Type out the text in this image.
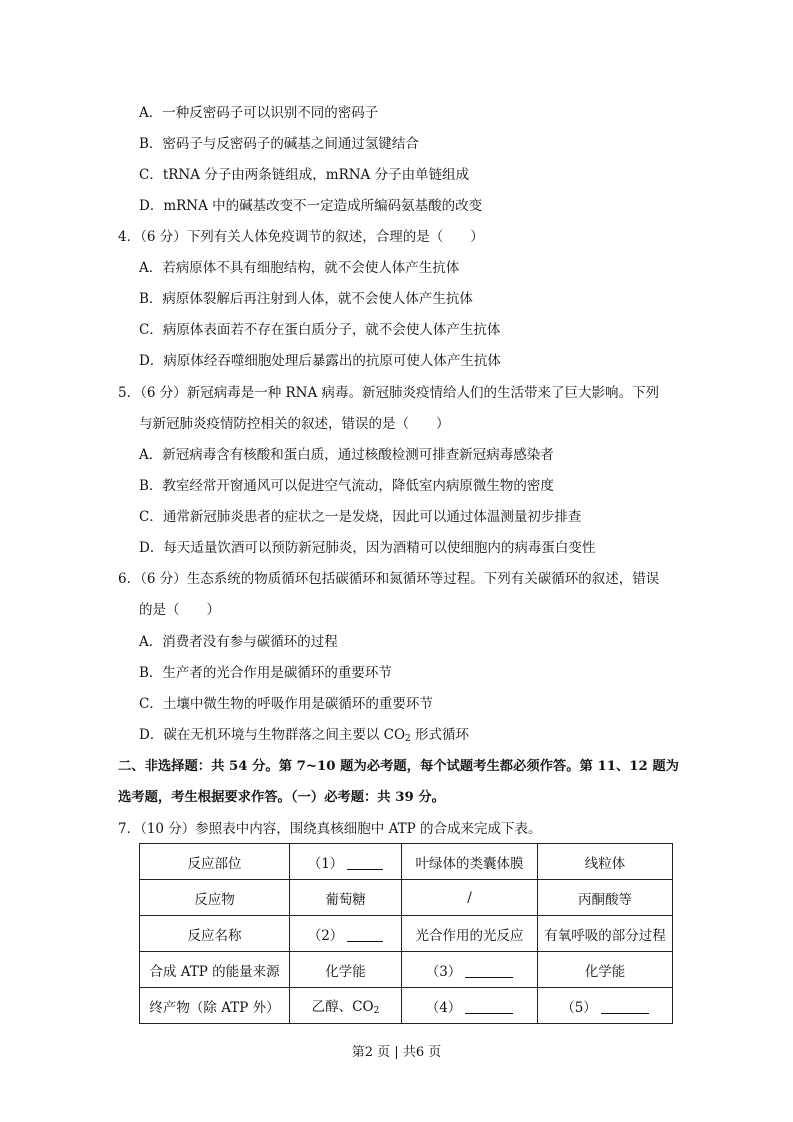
A．一种反密码子可以识别不同的密码子
B．密码子与反密码子的碱基之间通过氢键结合
C．tRNA 分子由两条链组成，mRNA 分子由单链组成
D．mRNA 中的碱基改变不一定造成所编码氨基酸的改变
4．（6 分）下列有关人体免疫调节的叙述，合理的是（　　）
A．若病原体不具有细胞结构，就不会使人体产生抗体
B．病原体裂解后再注射到人体，就不会使人体产生抗体
C．病原体表面若不存在蛋白质分子，就不会使人体产生抗体
D．病原体经吞噬细胞处理后暴露出的抗原可使人体产生抗体
5．（6 分）新冠病毒是一种 RNA 病毒。新冠肺炎疫情给人们的生活带来了巨大影响。下列
与新冠肺炎疫情防控相关的叙述，错误的是（　　）
A．新冠病毒含有核酸和蛋白质，通过核酸检测可排查新冠病毒感染者
B．教室经常开窗通风可以促进空气流动，降低室内病原微生物的密度
C．通常新冠肺炎患者的症状之一是发烧，因此可以通过体温测量初步排查
D．每天适量饮酒可以预防新冠肺炎，因为酒精可以使细胞内的病毒蛋白变性
6．（6 分）生态系统的物质循环包括碳循环和氮循环等过程。下列有关碳循环的叙述，错误
的是（　　）
A．消费者没有参与碳循环的过程
B．生产者的光合作用是碳循环的重要环节
C．土壤中微生物的呼吸作用是碳循环的重要环节
D．碳在无机环境与生物群落之间主要以 $CO_2$ 形式循环
二、非选择题：共 54 分。第 7~10 题为必考题，每个试题考生都必须作答。第 11、12 题为
选考题，考生根据要求作答。（一）必考题：共 39 分。
7．（10 分）参照表中内容，围绕真核细胞中 ATP 的合成来完成下表。
反应部位	（1）	叶绿体的类囊体膜	线粒体
反应物	葡萄糖	/	丙酮酸等
反应名称	（2）	光合作用的光反应	有氧呼吸的部分过程
合成 ATP 的能量来源	化学能	（3）	化学能
终产物（除 ATP 外）	乙醇、$CO_2$	（4）	（5）
第2 页 | 共6 页
